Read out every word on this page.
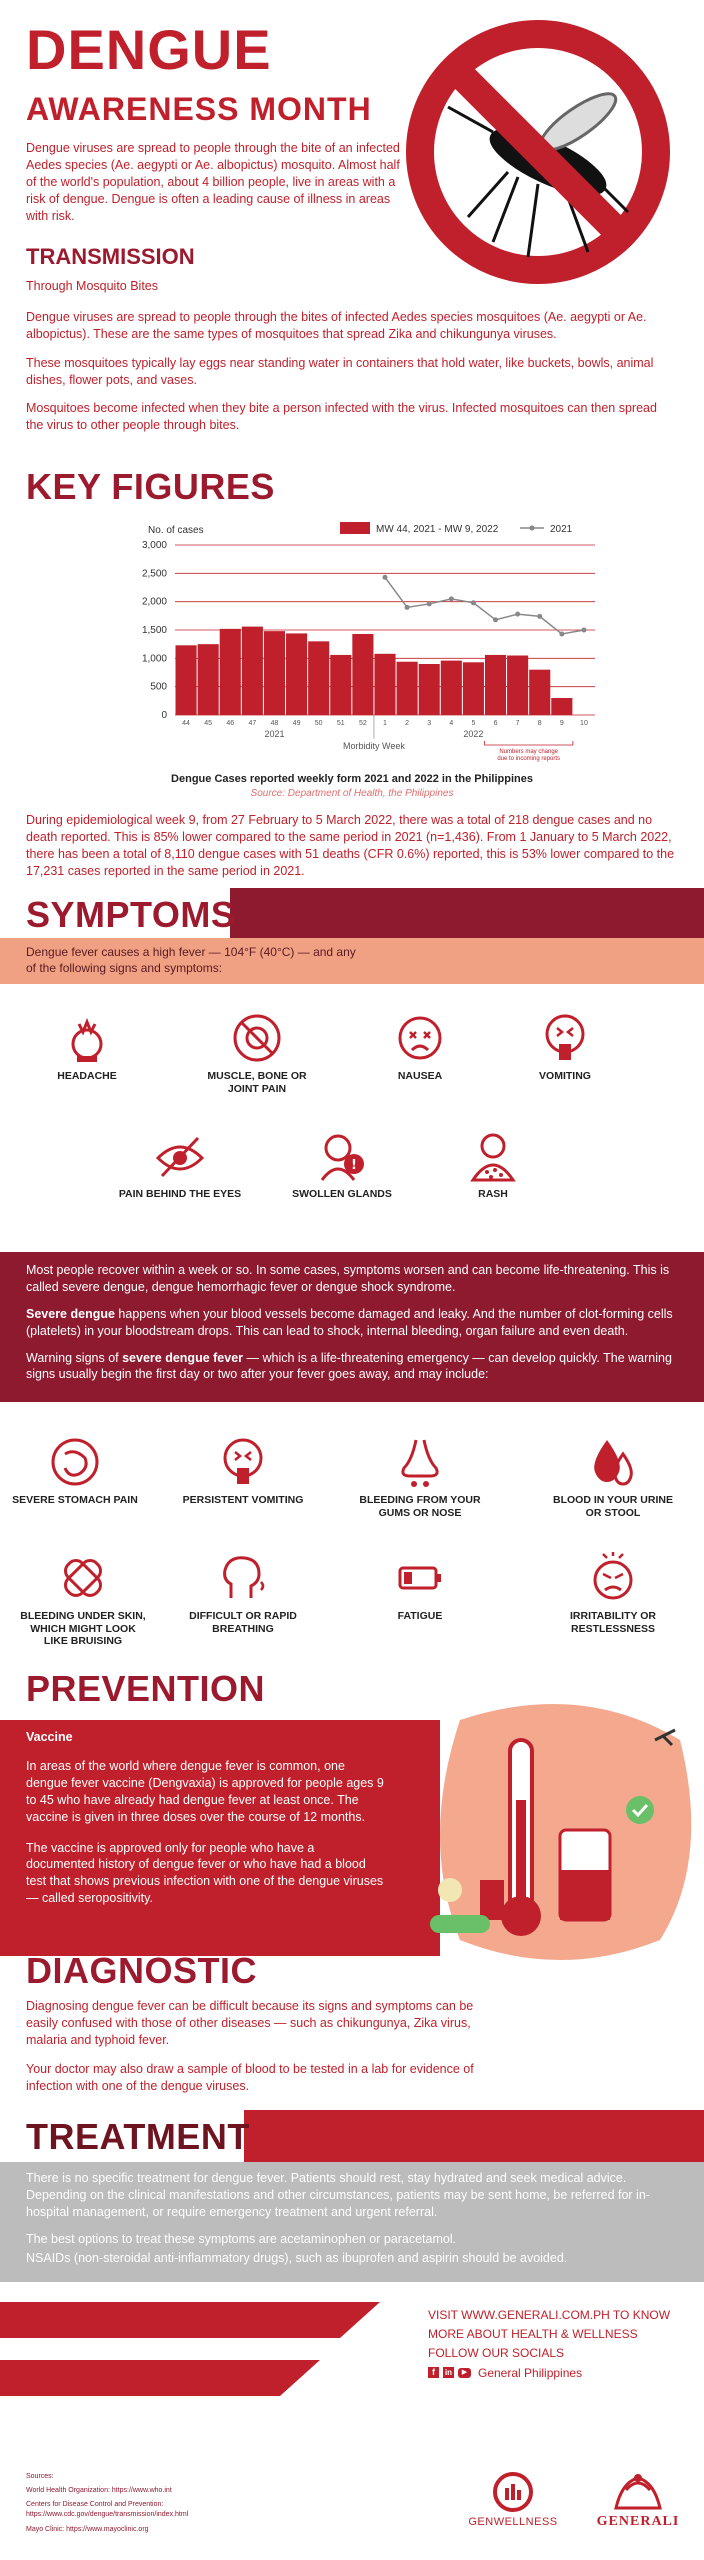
DENGUE
AWARENESS MONTH

Dengue viruses are spread to people through the bite of an infected Aedes species (Ae. aegypti or Ae. albopictus) mosquito. Almost half of the world's population, about 4 billion people, live in areas with a risk of dengue. Dengue is often a leading cause of illness in areas with risk.

TRANSMISSION

Through Mosquito Bites

Dengue viruses are spread to people through the bites of infected Aedes species mosquitoes (Ae. aegypti or Ae. albopictus). These are the same types of mosquitoes that spread Zika and chikungunya viruses.

These mosquitoes typically lay eggs near standing water in containers that hold water, like buckets, bowls, animal dishes, flower pots, and vases.

Mosquitoes become infected when they bite a person infected with the virus. Infected mosquitoes can then spread the virus to other people through bites.

KEY FIGURES
No. of cases
0
500
1,000
1,500
2,000
2,500
3,000
44 45 46 47 48 49 50 51 52 1	2	3	4	5	6	7	8	9 10
2021	2022
Morbidity Week
Numbers may change
due to incoming reports
MW 44, 2021 - MW 9, 2022	2021

Dengue Cases reported weekly form 2021 and 2022 in the Philippines

Source: Department of Health, the Philippines

During epidemiological week 9, from 27 February to 5 March 2022, there was a total of 218 dengue cases and no death reported. This is 85% lower compared to the same period in 2021 (n=1,436). From 1 January to 5 March 2022, there has been a total of 8,110 dengue cases with 51 deaths (CFR 0.6%) reported, this is 53% lower compared to the 17,231 cases reported in the same period in 2021.

SYMPTOMS

Dengue fever causes a high fever — 104°F (40°C) — and any of the following signs and symptoms:

HEADACHE	MUSCLE, BONE OR JOINT PAIN
NAUSEA	VOMITING
PAIN BEHIND THE EYES
!
SWOLLEN GLANDS	RASH

Most people recover within a week or so. In some cases, symptoms worsen and can become life-threatening. This is called severe dengue, dengue hemorrhagic fever or dengue shock syndrome.

Severe dengue happens when your blood vessels become damaged and leaky. And the number of clot-forming cells (platelets) in your bloodstream drops. This can lead to shock, internal bleeding, organ failure and even death.

Warning signs of severe dengue fever — which is a life-threatening emergency — can develop quickly. The warning signs usually begin the first day or two after your fever goes away, and may include:

SEVERE STOMACH PAIN	PERSISTENT VOMITING	BLEEDING FROM YOUR GUMS OR NOSE
BLOOD IN YOUR URINE OR STOOL
BLEEDING UNDER SKIN, WHICH MIGHT LOOK LIKE BRUISING
DIFFICULT OR RAPID BREATHING
FATIGUE	IRRITABILITY OR RESTLESSNESS
PREVENTION

Vaccine

In areas of the world where dengue fever is common, one dengue fever vaccine (Dengvaxia) is approved for people ages 9 to 45 who have already had dengue fever at least once. The vaccine is given in three doses over the course of 12 months.

The vaccine is approved only for people who have a documented history of dengue fever or who have had a blood test that shows previous infection with one of the dengue viruses — called seropositivity.

DIAGNOSTIC

Diagnosing dengue fever can be difficult because its signs and symptoms can be easily confused with those of other diseases — such as chikungunya, Zika virus, malaria and typhoid fever.

Your doctor may also draw a sample of blood to be tested in a lab for evidence of infection with one of the dengue viruses.

TREATMENT

There is no specific treatment for dengue fever. Patients should rest, stay hydrated and seek medical advice. Depending on the clinical manifestations and other circumstances, patients may be sent home, be referred for in-hospital management, or require emergency treatment and urgent referral.

The best options to treat these symptoms are acetaminophen or paracetamol.

NSAIDs (non-steroidal anti-inflammatory drugs), such as ibuprofen and aspirin should be avoided.

VISIT WWW.GENERALI.COM.PH TO KNOW

MORE ABOUT HEALTH & WELLNESS

FOLLOW OUR SOCIALS

f	in	▶ General Philippines

Sources:

World Health Organization: https://www.who.int

Centers for Disease Control and Prevention: https://www.cdc.gov/dengue/transmission/index.html

Mayo Clinic: https://www.mayoclinic.org

GENWELLNESS	GENERALI
